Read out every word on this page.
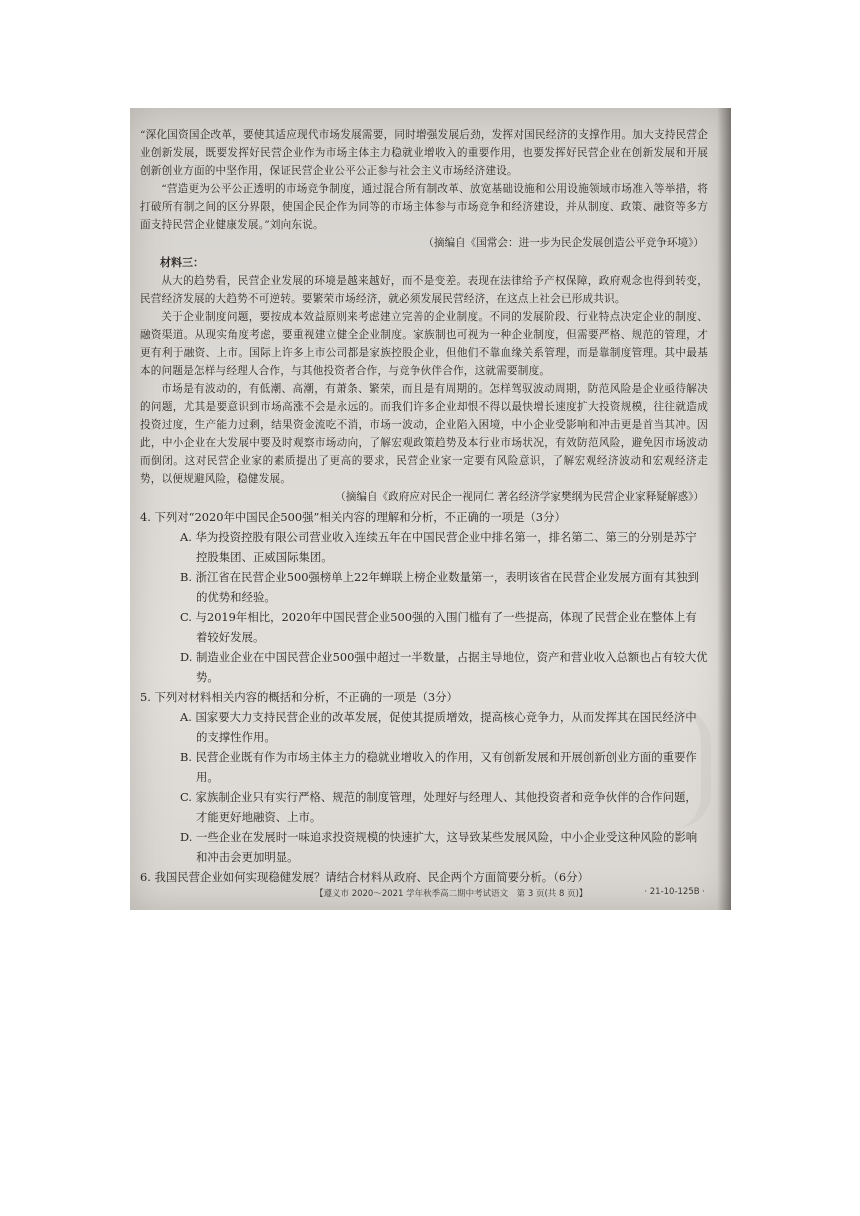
“深化国资国企改革，要使其适应现代市场发展需要，同时增强发展后劲，发挥对国民经济的支撑作用。加大支持民营企业创新发展，既要发挥好民营企业作为市场主体主力稳就业增收入的重要作用，也要发挥好民营企业在创新发展和开展创新创业方面的中坚作用，保证民营企业公平公正参与社会主义市场经济建设。

“营造更为公平公正透明的市场竞争制度，通过混合所有制改革、放宽基础设施和公用设施领域市场准入等举措，将打破所有制之间的区分界限，使国企民企作为同等的市场主体参与市场竞争和经济建设，并从制度、政策、融资等多方面支持民营企业健康发展。”刘向东说。

（摘编自《国常会：进一步为民企发展创造公平竞争环境》）

材料三：

从大的趋势看，民营企业发展的环境是越来越好，而不是变差。表现在法律给予产权保障，政府观念也得到转变，民营经济发展的大趋势不可逆转。要繁荣市场经济，就必须发展民营经济，在这点上社会已形成共识。

关于企业制度问题，要按成本效益原则来考虑建立完善的企业制度。不同的发展阶段、行业特点决定企业的制度、融资渠道。从现实角度考虑，要重视建立健全企业制度。家族制也可视为一种企业制度，但需要严格、规范的管理，才更有利于融资、上市。国际上许多上市公司都是家族控股企业，但他们不靠血缘关系管理，而是靠制度管理。其中最基本的问题是怎样与经理人合作，与其他投资者合作，与竞争伙伴合作，这就需要制度。

市场是有波动的，有低潮、高潮，有萧条、繁荣，而且是有周期的。怎样驾驭波动周期，防范风险是企业亟待解决的问题，尤其是要意识到市场高涨不会是永远的。而我们许多企业却恨不得以最快增长速度扩大投资规模，往往就造成投资过度，生产能力过剩，结果资金流吃不消，市场一波动，企业陷入困境，中小企业受影响和冲击更是首当其冲。因此，中小企业在大发展中要及时观察市场动向，了解宏观政策趋势及本行业市场状况，有效防范风险，避免因市场波动而倒闭。这对民营企业家的素质提出了更高的要求，民营企业家一定要有风险意识，了解宏观经济波动和宏观经济走势，以便规避风险，稳健发展。

（摘编自《政府应对民企一视同仁 著名经济学家樊纲为民营企业家释疑解惑》）

4. 下列对“2020年中国民企500强”相关内容的理解和分析，不正确的一项是（3分）

A. 华为投资控股有限公司营业收入连续五年在中国民营企业中排名第一，排名第二、第三的分别是苏宁控股集团、正威国际集团。

B. 浙江省在民营企业500强榜单上22年蝉联上榜企业数量第一，表明该省在民营企业发展方面有其独到的优势和经验。

C. 与2019年相比，2020年中国民营企业500强的入围门槛有了一些提高，体现了民营企业在整体上有着较好发展。

D. 制造业企业在中国民营企业500强中超过一半数量，占据主导地位，资产和营业收入总额也占有较大优势。

5. 下列对材料相关内容的概括和分析，不正确的一项是（3分）

A. 国家要大力支持民营企业的改革发展，促使其提质增效，提高核心竞争力，从而发挥其在国民经济中的支撑性作用。

B. 民营企业既有作为市场主体主力的稳就业增收入的作用，又有创新发展和开展创新创业方面的重要作用。

C. 家族制企业只有实行严格、规范的制度管理，处理好与经理人、其他投资者和竞争伙伴的合作问题，才能更好地融资、上市。

D. 一些企业在发展时一味追求投资规模的快速扩大，这导致某些发展风险，中小企业受这种风险的影响和冲击会更加明显。

6. 我国民营企业如何实现稳健发展？请结合材料从政府、民企两个方面简要分析。（6分）

【遵义市 2020～2021 学年秋季高二期中考试语文　第 3 页(共 8 页)】	· 21-10-125B ·
